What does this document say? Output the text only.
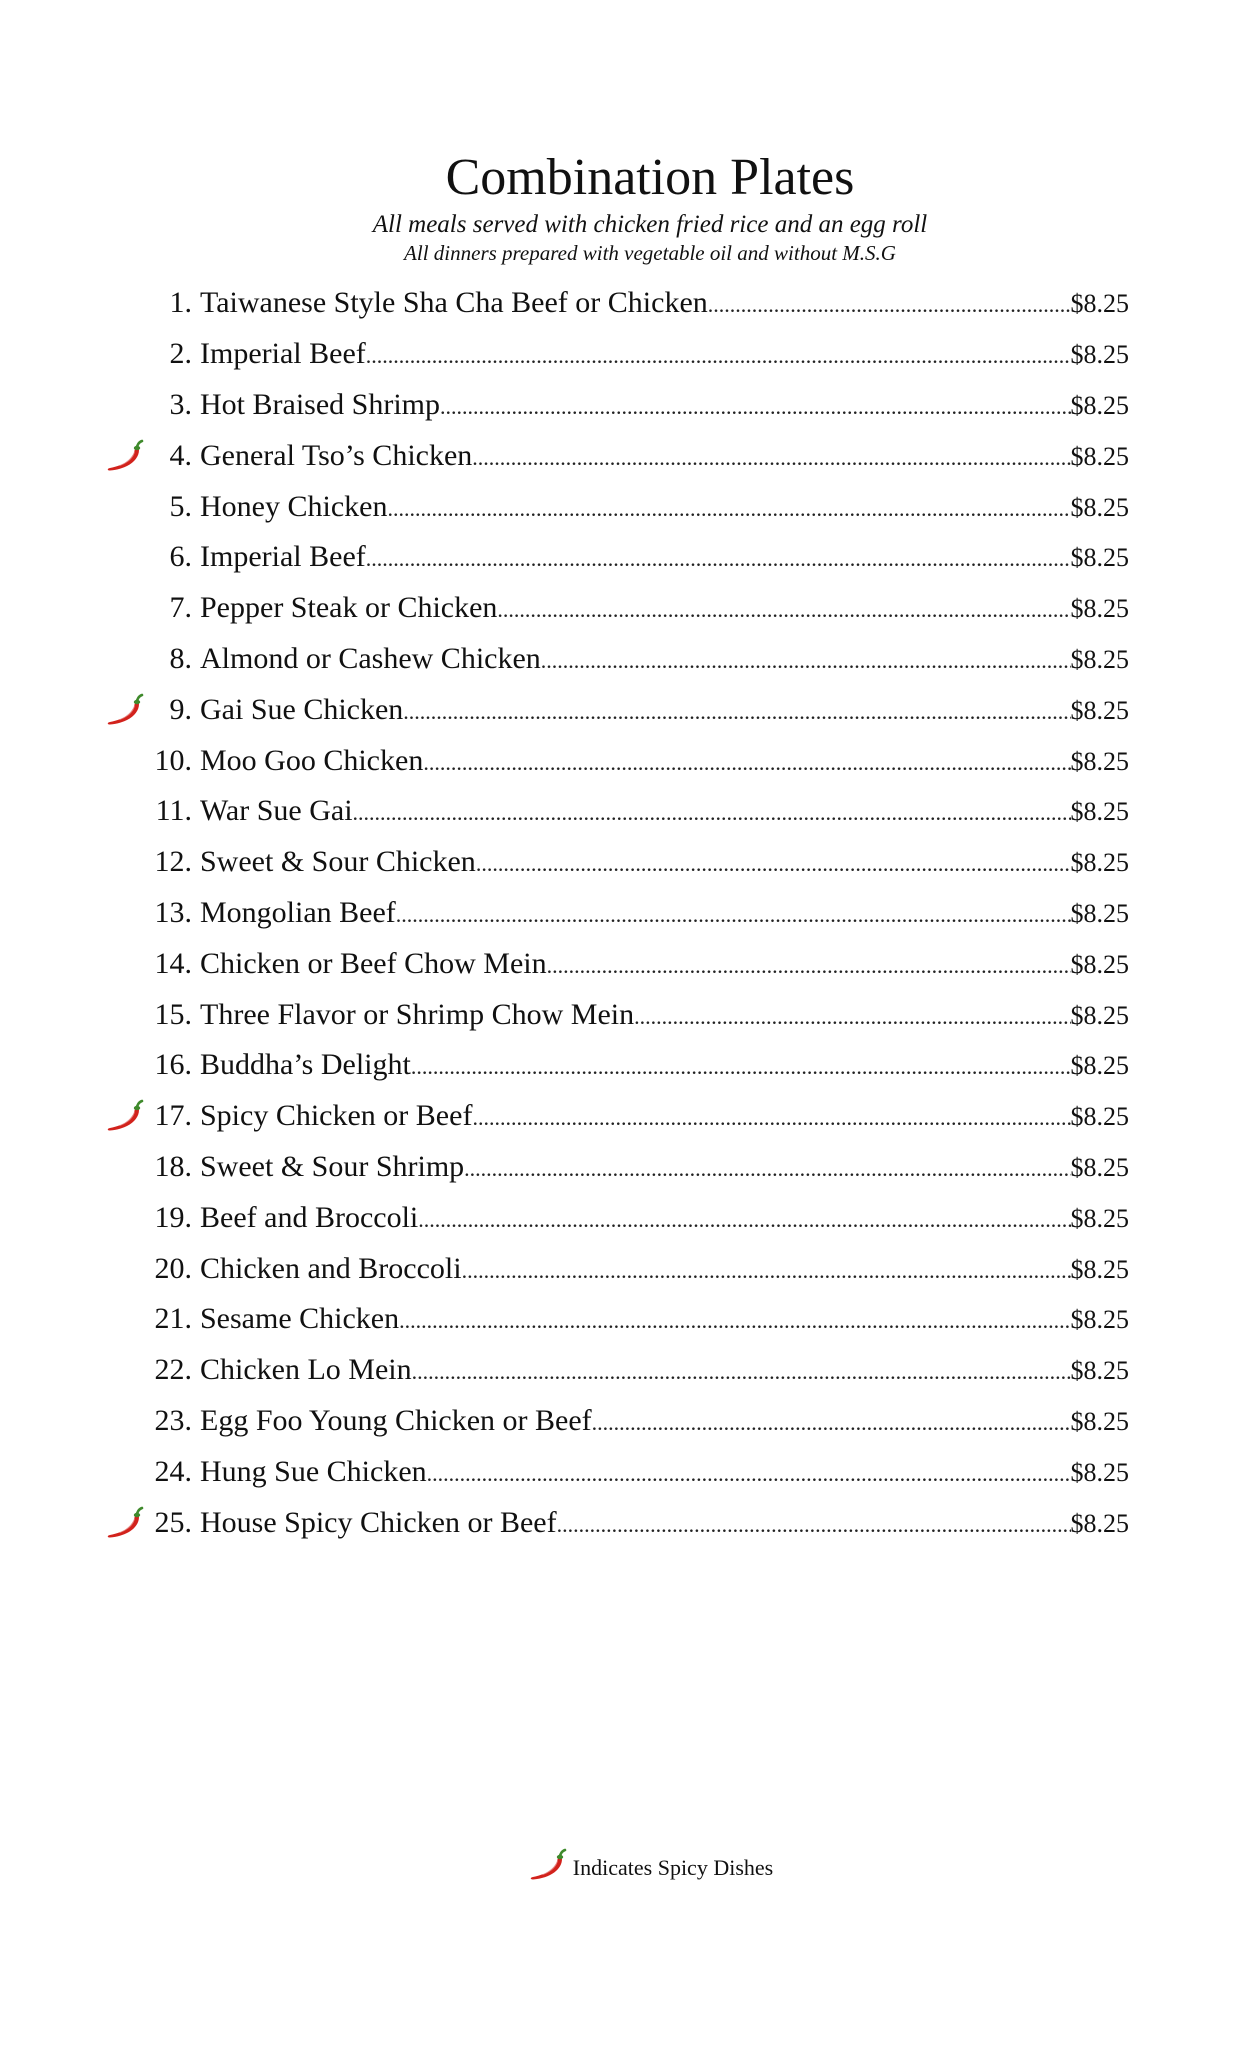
Combination Plates
All meals served with chicken fried rice and an egg roll
All dinners prepared with vegetable oil and without M.S.G
1. Taiwanese Style Sha Cha Beef or Chicken .....	$8.25
2. Imperial Beef .....	$8.25
3. Hot Braised Shrimp .....	$8.25
4. General Tso’s Chicken .....	$8.25
5. Honey Chicken .....	$8.25
6. Imperial Beef .....	$8.25
7. Pepper Steak or Chicken .....	$8.25
8. Almond or Cashew Chicken .....	$8.25
9. Gai Sue Chicken .....	$8.25
10. Moo Goo Chicken .....	$8.25
11. War Sue Gai .....	$8.25
12. Sweet & Sour Chicken .....	$8.25
13. Mongolian Beef .....	$8.25
14. Chicken or Beef Chow Mein .....	$8.25
15. Three Flavor or Shrimp Chow Mein .....	$8.25
16. Buddha’s Delight .....	$8.25
17. Spicy Chicken or Beef .....	$8.25
18. Sweet & Sour Shrimp .....	$8.25
19. Beef and Broccoli .....	$8.25
20. Chicken and Broccoli .....	$8.25
21. Sesame Chicken .....	$8.25
22. Chicken Lo Mein .....	$8.25
23. Egg Foo Young Chicken or Beef .....	$8.25
24. Hung Sue Chicken .....	$8.25
25. House Spicy Chicken or Beef .....	$8.25
Indicates Spicy Dishes
